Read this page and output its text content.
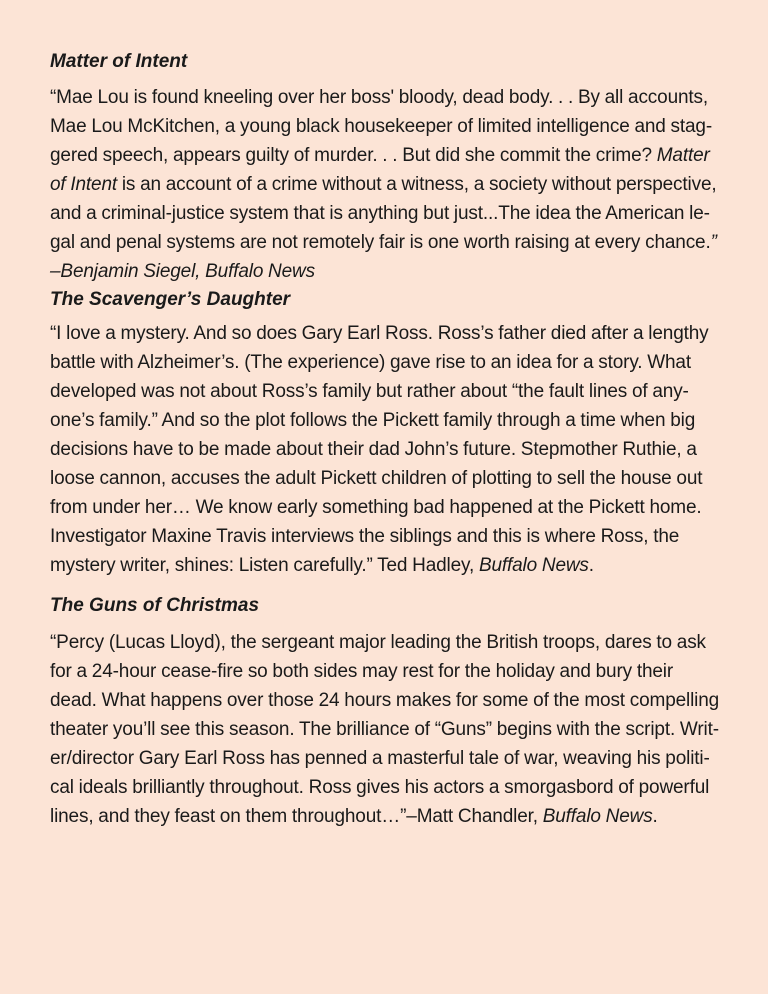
Matter of Intent

“Mae Lou is found kneeling over her boss' bloody, dead body. . . By all accounts,
Mae Lou McKitchen, a young black housekeeper of limited intelligence and stag-
gered speech, appears guilty of murder. . . But did she commit the crime? Matter
of Intent is an account of a crime without a witness, a society without perspective,
and a criminal-justice system that is anything but just...The idea the American le-
gal and penal systems are not remotely fair is one worth raising at every chance.”
–Benjamin Siegel, Buffalo News

The Scavenger’s Daughter

“I love a mystery. And so does Gary Earl Ross. Ross’s father died after a lengthy
battle with Alzheimer’s. (The experience) gave rise to an idea for a story. What
developed was not about Ross’s family but rather about “the fault lines of any-
one’s family.” And so the plot follows the Pickett family through a time when big
decisions have to be made about their dad John’s future. Stepmother Ruthie, a
loose cannon, accuses the adult Pickett children of plotting to sell the house out
from under her… We know early something bad happened at the Pickett home.
Investigator Maxine Travis interviews the siblings and this is where Ross, the
mystery writer, shines: Listen carefully.” Ted Hadley, Buffalo News.

The Guns of Christmas

“Percy (Lucas Lloyd), the sergeant major leading the British troops, dares to ask
for a 24-hour cease-fire so both sides may rest for the holiday and bury their
dead. What happens over those 24 hours makes for some of the most compelling
theater you’ll see this season. The brilliance of “Guns” begins with the script. Writ-
er/director Gary Earl Ross has penned a masterful tale of war, weaving his politi-
cal ideals brilliantly throughout. Ross gives his actors a smorgasbord of powerful
lines, and they feast on them throughout…”–Matt Chandler, Buffalo News.
